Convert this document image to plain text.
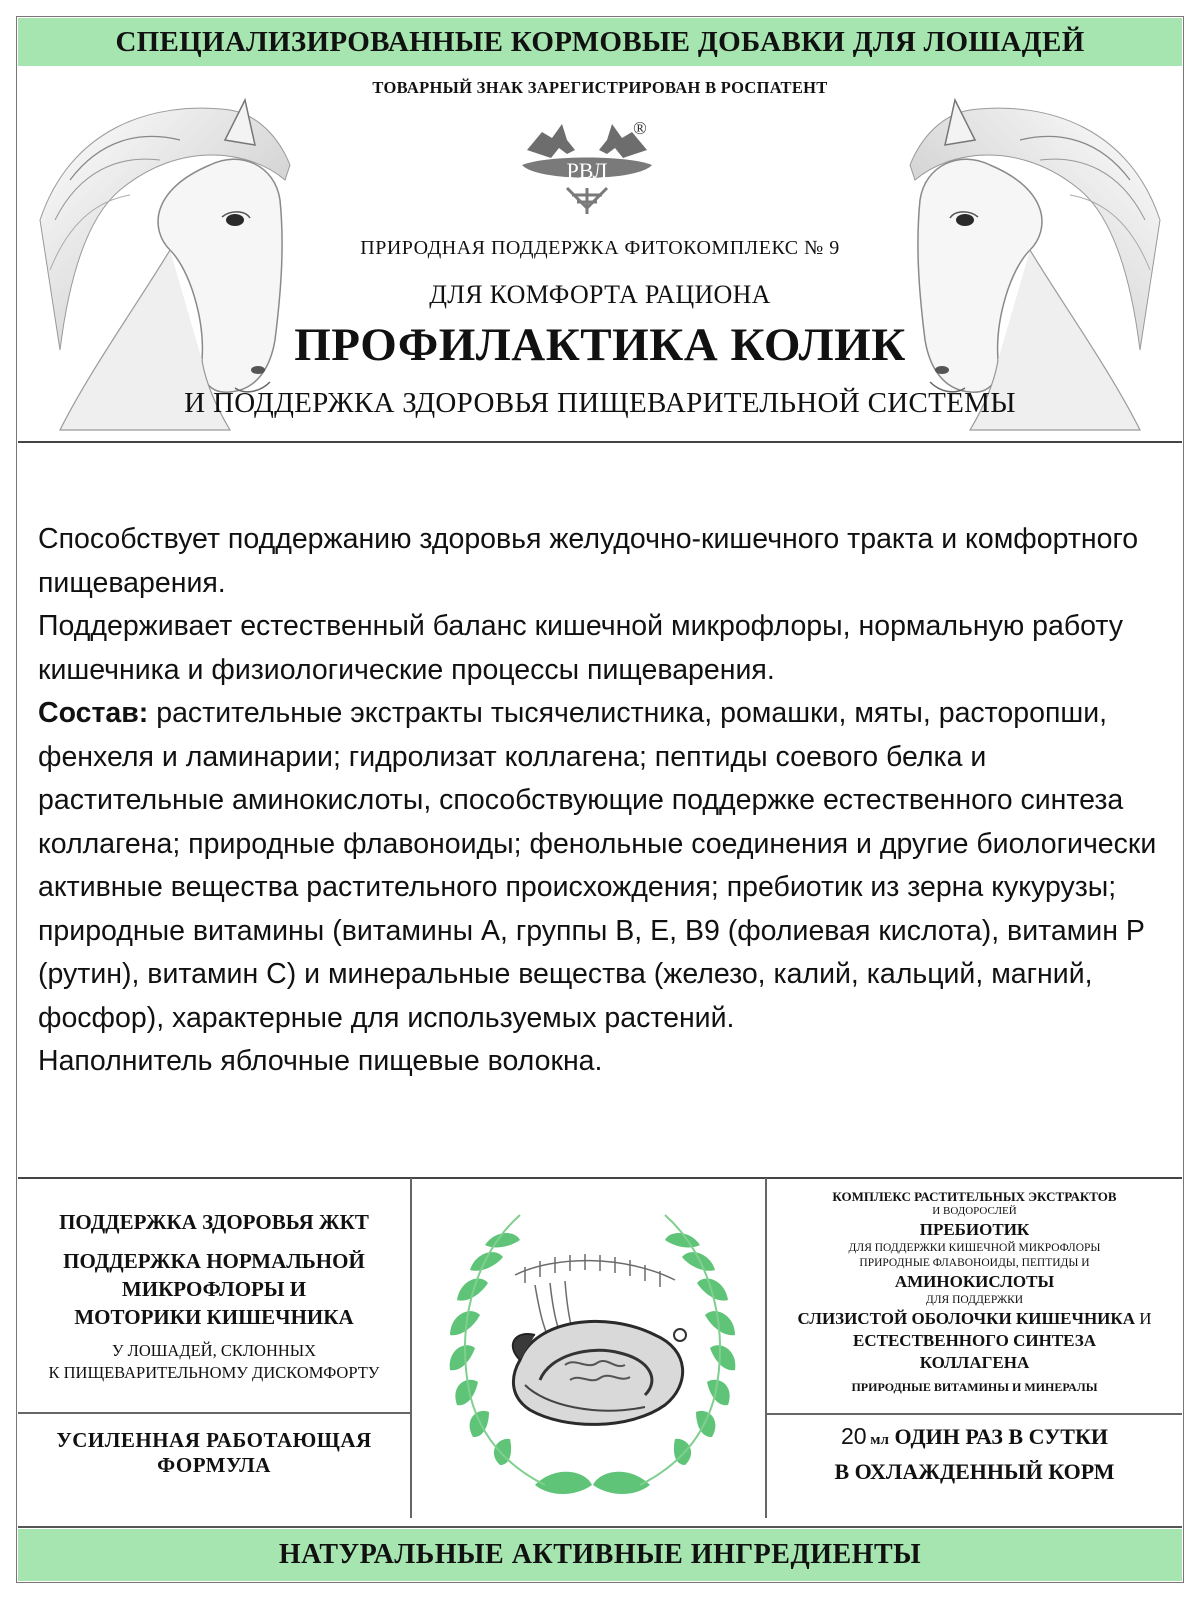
СПЕЦИАЛИЗИРОВАННЫЕ КОРМОВЫЕ ДОБАВКИ ДЛЯ ЛОШАДЕЙ
ТОВАРНЫЙ ЗНАК ЗАРЕГИСТРИРОВАН В РОСПАТЕНТ
РВЛ
®
ПРИРОДНАЯ ПОДДЕРЖКА ФИТОКОМПЛЕКС № 9
ДЛЯ КОМФОРТА РАЦИОНА
ПРОФИЛАКТИКА КОЛИК
И ПОДДЕРЖКА ЗДОРОВЬЯ ПИЩЕВАРИТЕЛЬНОЙ СИСТЕМЫ

Способствует поддержанию здоровья желудочно-кишечного тракта и комфортного пищеварения.

Поддерживает естественный баланс кишечной микрофлоры, нормальную работу кишечника и физиологические процессы пищеварения.

Состав: растительные экстракты тысячелистника, ромашки, мяты, расторопши, фенхеля и ламинарии; гидролизат коллагена; пептиды соевого белка и растительные аминокислоты, способствующие поддержке естественного синтеза коллагена; природные флавоноиды; фенольные соединения и другие биологически активные вещества растительного происхождения; пребиотик из зерна кукурузы; природные витамины (витамины А, группы В, Е, В9 (фолиевая кислота), витамин Р (рутин), витамин С) и минеральные вещества (железо, калий, кальций, магний, фосфор), характерные для используемых растений.

Наполнитель яблочные пищевые волокна.

ПОДДЕРЖКА ЗДОРОВЬЯ ЖКТ
ПОДДЕРЖКА НОРМАЛЬНОЙ
МИКРОФЛОРЫ И
МОТОРИКИ КИШЕЧНИКА
У ЛОШАДЕЙ, СКЛОННЫХ
К ПИЩЕВАРИТЕЛЬНОМУ ДИСКОМФОРТУ
УСИЛЕННАЯ РАБОТАЮЩАЯ
ФОРМУЛА
КОМПЛЕКС РАСТИТЕЛЬНЫХ ЭКСТРАКТОВ
И ВОДОРОСЛЕЙ
ПРЕБИОТИК
ДЛЯ ПОДДЕРЖКИ КИШЕЧНОЙ МИКРОФЛОРЫ
ПРИРОДНЫЕ ФЛАВОНОИДЫ, ПЕПТИДЫ И
АМИНОКИСЛОТЫ
ДЛЯ ПОДДЕРЖКИ
СЛИЗИСТОЙ ОБОЛОЧКИ КИШЕЧНИКА И
ЕСТЕСТВЕННОГО СИНТЕЗА
КОЛЛАГЕНА
ПРИРОДНЫЕ ВИТАМИНЫ И МИНЕРАЛЫ
20 мл ОДИН РАЗ В СУТКИ
В ОХЛАЖДЕННЫЙ КОРМ
НАТУРАЛЬНЫЕ АКТИВНЫЕ ИНГРЕДИЕНТЫ
